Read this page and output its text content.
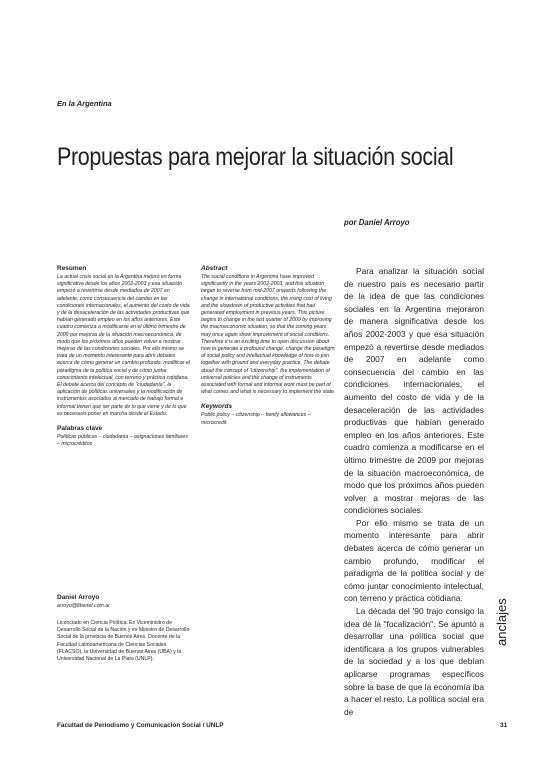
En la Argentina
Propuestas para mejorar la situación social
por Daniel Arroyo

Resumen

La actual crisis social en la Argentina mejoró en forma significativa desde los años 2002-2003 y esa situación empezó a revertirse desde mediados de 2007 en adelante, como consecuencia del cambio en las condiciones internacionales, el aumento del costo de vida y de la desaceleración de las actividades productivas que habían generado empleo en los años anteriores. Este cuadro comienza a modificarse en el último trimestre de 2009 por mejoras de la situación macroeconómica, de modo que los próximos años pueden volver a mostrar mejoras de las condiciones sociales. Por ello mismo se trata de un momento interesante para abrir debates acerca de cómo generar un cambio profundo, modificar el paradigma de la política social y de cómo juntar conocimiento intelectual, con terreno y práctica cotidiana. El debate acerca del concepto de "ciudadanía", la aplicación de políticas universales y la modificación de instrumentos asociados al mercado de trabajo formal e informal tienen que ser parte de lo que viene y de lo que es necesario poner en marcha desde el Estado.

Palabras clave

Políticas públicas – ciudadanía – asignaciones familiares – microcréditos

Abstract

The social conditions in Argentina have improved significantly in the years 2002-2003, and this situation began to reverse from mid-2007 onwards following the change in international conditions, the rising cost of living and the slowdown of productive activities that had generated employment in previous years. This picture begins to change in the last quarter of 2009 by improving the macroeconomic situation, so that the coming years may once again show improvement of social conditions. Therefore it is an exciting time to open discussion about how to generate a profound change, change the paradigm of social policy and intellectual knowledge of how to join together with ground and everyday practice. The debate about the concept of "citizenship", the implementation of universal policies and the change of instruments associated with formal and informal work must be part of what comes and what is necessary to implement the state.

Keywords

Public policy – citizenship – family allowances – microcredit

Para analizar la situación social de nuestro país es necesario partir de la idea de que las condiciones sociales en la Argentina mejoraron de manera significativa desde los años 2002-2003 y que esa situación empezó a revertirse desde mediados de 2007 en adelante como consecuencia del cambio en las condiciones internacionales, el aumento del costo de vida y de la desaceleración de las actividades productivas que habían generado empleo en los años anteriores. Este cuadro comienza a modificarse en el último trimestre de 2009 por mejoras de la situación macroeconómica, de modo que los próximos años pueden volver a mostrar mejoras de las condiciones sociales.

Por ello mismo se trata de un momento interesante para abrir debates acerca de cómo generar un cambio profundo, modificar el paradigma de la política social y de cómo juntar conocimiento intelectual, con terreno y práctica cotidiana.

La década del '90 trajo consigo la idea de la "focalización". Se apuntó a desarrollar una política social que identificara a los grupos vulnerables de la sociedad y a los que debían aplicarse programas específicos sobre la base de que la economía iba a hacer el resto. La política social era de

Daniel Arroyo

arroyo@fibertel.com.ar

Licenciado en Ciencia Política. Ex Viceministro de Desarrollo Social de la Nación y ex Ministro de Desarrollo Social de la provincia de Buenos Aires. Docente de la Facultad Latinoamericana de Ciencias Sociales (FLACSO), la Universidad de Buenos Aires (UBA) y la Universidad Nacional de La Plata (UNLP).

anclajes
Facultad de Periodismo y Comunicación Social / UNLP	31
